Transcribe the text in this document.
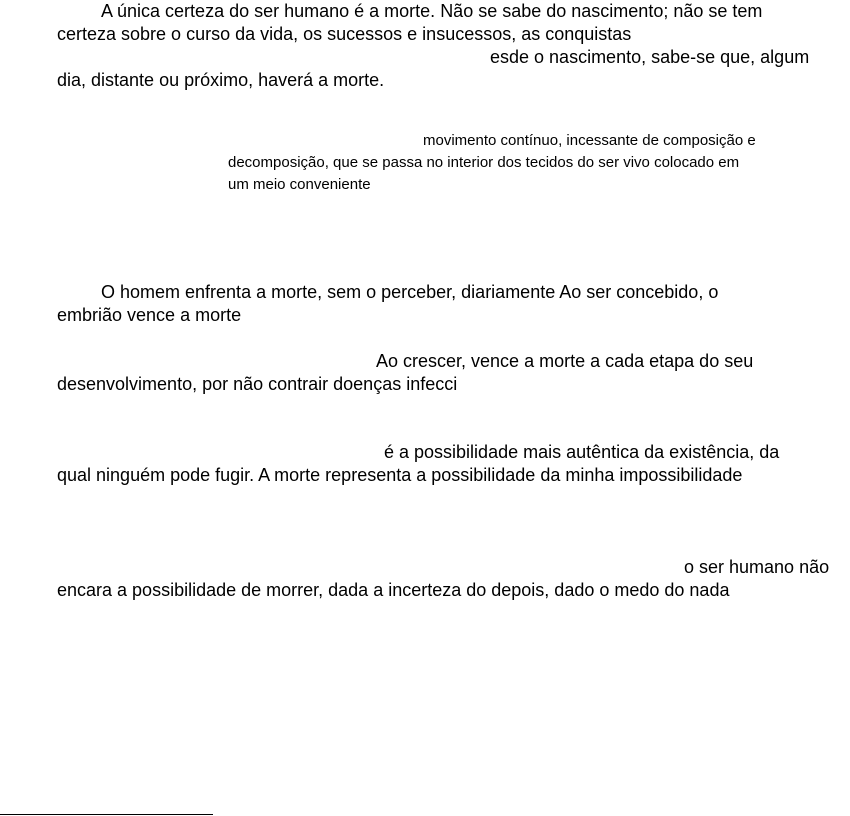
A única certeza do ser humano é a morte. Não se sabe do nascimento; não se tem
certeza sobre o curso da vida, os sucessos e insucessos, as conquistas
esde o nascimento, sabe-se que, algum
dia, distante ou próximo, haverá a morte.
movimento contínuo, incessante de composição e
decomposição, que se passa no interior dos tecidos do ser vivo colocado em
um meio conveniente
O homem enfrenta a morte, sem o perceber, diariamente Ao ser concebido, o
embrião vence a morte
Ao crescer, vence a morte a cada etapa do seu
desenvolvimento, por não contrair doenças infecci
é a possibilidade mais autêntica da existência, da
qual ninguém pode fugir. A morte representa a possibilidade da minha impossibilidade
o ser humano não
encara a possibilidade de morrer, dada a incerteza do depois, dado o medo do nada
